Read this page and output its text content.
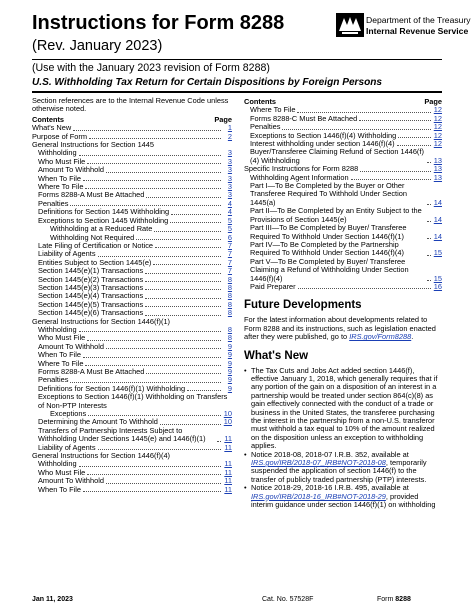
Instructions for Form 8288
(Rev. January 2023)
Department of the Treasury
Internal Revenue Service
(Use with the January 2023 revision of Form 8288)
U.S. Withholding Tax Return for Certain Dispositions by Foreign Persons
Section references are to the Internal Revenue Code unless otherwise noted.
Contents	Page
What's New	1
Purpose of Form	2
General Instructions for Section 1445
Withholding	3
Who Must File	3
Amount To Withhold	3
When To File	3
Where To File	3
Forms 8288-A Must Be Attached	3
Penalties	4
Definitions for Section 1445 Withholding	4
Exceptions to Section 1445 Withholding	5
Withholding at a Reduced Rate	5
Withholding Not Required	6
Late Filing of Certification or Notice	7
Liability of Agents	7
Entities Subject to Section 1445(e)	7
Section 1445(e)(1) Transactions	7
Section 1445(e)(2) Transactions	8
Section 1445(e)(3) Transactions	8
Section 1445(e)(4) Transactions	8
Section 1445(e)(5) Transactions	8
Section 1445(e)(6) Transactions	8
General Instructions for Section 1446(f)(1)
Withholding	8
Who Must File	8
Amount To Withhold	9
When To File	9
Where To File	9
Forms 8288-A Must Be Attached	9
Penalties	9
Definitions for Section 1446(f)(1) Withholding	9
Exceptions to Section 1446(f)(1) Withholding on Transfers of Non-PTP Interests
Exceptions	10
Determining the Amount To Withhold	10
Transfers of Partnership Interests Subject to Withholding Under Sections 1445(e) and 1446(f)(1)	11
Liability of Agents	11
General Instructions for Section 1446(f)(4)
Withholding	11
Who Must File	11
Amount To Withhold	11
When To File	11
Contents	Page
Where To File	12
Forms 8288-C Must Be Attached	12
Penalties	12
Exceptions to Section 1446(f)(4) Withholding	12
Interest withholding under section 1446(f)(4)	12
Buyer/Transferee Claiming Refund of Section 1446(f)(4) Withholding	13
Specific Instructions for Form 8288	13
Withholding Agent Information	13
Part I—To Be Completed by the Buyer or Other Transferee Required To Withhold Under Section 1445(a)	14
Part II—To Be Completed by an Entity Subject to the Provisions of Section 1445(e)	14
Part III—To Be Completed by Buyer/ Transferee Required To Withhold Under Section 1446(f)(1)	14
Part IV—To Be Completed by the Partnership Required To Withhold Under Section 1446(f)(4)	15
Part V—To Be Completed by Buyer/ Transferee Claiming a Refund of Withholding Under Section 1446(f)(4)	15
Paid Preparer	16
Future Developments
For the latest information about developments related to Form 8288 and its instructions, such as legislation enacted after they were published, go to IRS.gov/Form8288.
What's New
• The Tax Cuts and Jobs Act added section 1446(f), effective January 1, 2018, which generally requires that if any portion of the gain on a disposition of an interest in a partnership would be treated under section 864(c)(8) as gain effectively connected with the conduct of a trade or business in the United States, the transferee purchasing the interest in the partnership from a non-U.S. transferor must withhold a tax equal to 10% of the amount realized on the disposition unless an exception to withholding applies.
• Notice 2018-08, 2018-07 I.R.B. 352, available at IRS.gov/IRB/2018-07_IRB#NOT-2018-08, temporarily suspended the application of section 1446(f) to the transfer of publicly traded partnership (PTP) interests.
• Notice 2018-29, 2018-16 I.R.B. 495, available at IRS.gov/IRB/2018-16_IRB#NOT-2018-29, provided interim guidance under section 1446(f)(1) on withholding
Jan 11, 2023	Cat. No. 57528F	Form 8288
